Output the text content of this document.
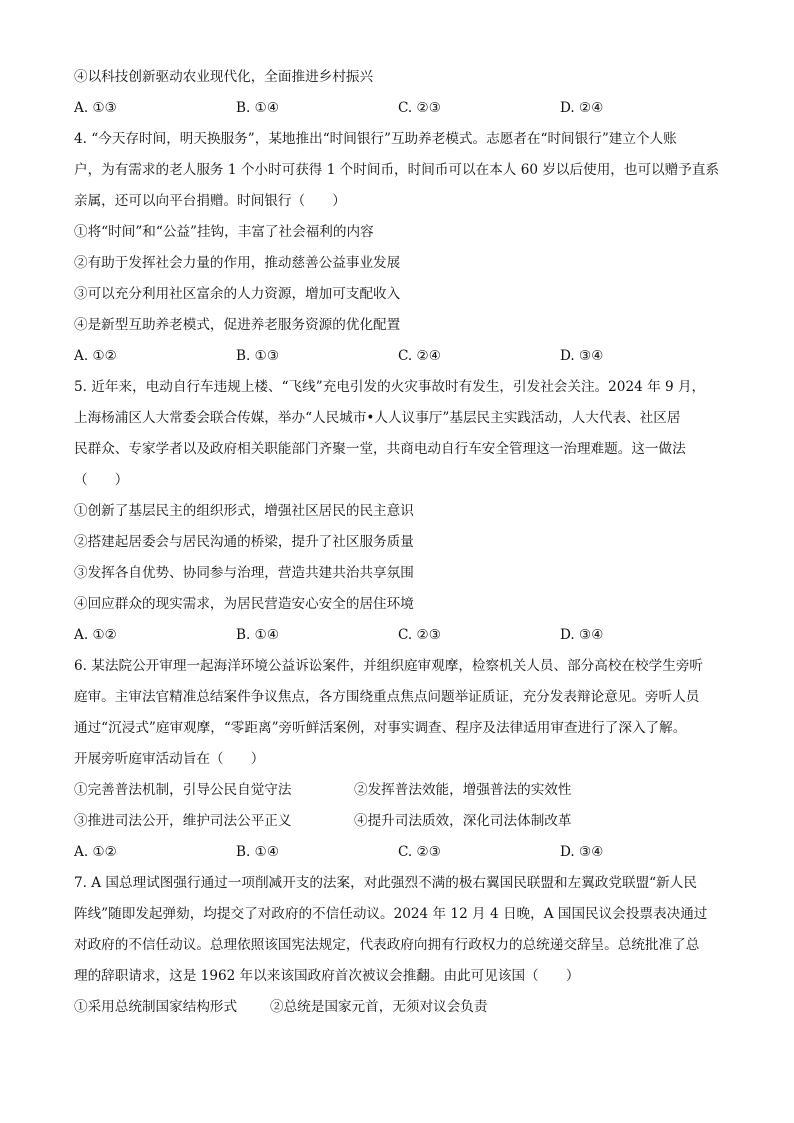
④以科技创新驱动农业现代化，全面推进乡村振兴
A. ①③	B. ①④	C. ②③	D. ②④
4. “今天存时间，明天换服务”，某地推出“时间银行”互助养老模式。志愿者在“时间银行”建立个人账
户，为有需求的老人服务 1 个小时可获得 1 个时间币，时间币可以在本人 60 岁以后使用，也可以赠予直系
亲属，还可以向平台捐赠。时间银行（　　）
①将“时间”和“公益”挂钩，丰富了社会福利的内容
②有助于发挥社会力量的作用，推动慈善公益事业发展
③可以充分利用社区富余的人力资源，增加可支配收入
④是新型互助养老模式，促进养老服务资源的优化配置
A. ①②	B. ①③	C. ②④	D. ③④
5. 近年来，电动自行车违规上楼、“飞线”充电引发的火灾事故时有发生，引发社会关注。2024 年 9 月，
上海杨浦区人大常委会联合传媒，举办“人民城市•人人议事厅”基层民主实践活动，人大代表、社区居
民群众、专家学者以及政府相关职能部门齐聚一堂，共商电动自行车安全管理这一治理难题。这一做法
（　　）
①创新了基层民主的组织形式，增强社区居民的民主意识
②搭建起居委会与居民沟通的桥梁，提升了社区服务质量
③发挥各自优势、协同参与治理，营造共建共治共享氛围
④回应群众的现实需求，为居民营造安心安全的居住环境
A. ①②	B. ①④	C. ②③	D. ③④
6. 某法院公开审理一起海洋环境公益诉讼案件，并组织庭审观摩，检察机关人员、部分高校在校学生旁听
庭审。主审法官精准总结案件争议焦点，各方围绕重点焦点问题举证质证，充分发表辩论意见。旁听人员
通过“沉浸式”庭审观摩，“零距离”旁听鲜活案例，对事实调查、程序及法律适用审查进行了深入了解。
开展旁听庭审活动旨在（　　）
①完善普法机制，引导公民自觉守法	②发挥普法效能，增强普法的实效性
③推进司法公开，维护司法公平正义	④提升司法质效，深化司法体制改革
A. ①②	B. ①④	C. ②③	D. ③④
7. A 国总理试图强行通过一项削减开支的法案，对此强烈不满的极右翼国民联盟和左翼政党联盟“新人民
阵线”随即发起弹劾，均提交了对政府的不信任动议。2024 年 12 月 4 日晚，A 国国民议会投票表决通过
对政府的不信任动议。总理依照该国宪法规定，代表政府向拥有行政权力的总统递交辞呈。总统批准了总
理的辞职请求，这是 1962 年以来该国政府首次被议会推翻。由此可见该国（　　）
①采用总统制国家结构形式	②总统是国家元首，无须对议会负责
